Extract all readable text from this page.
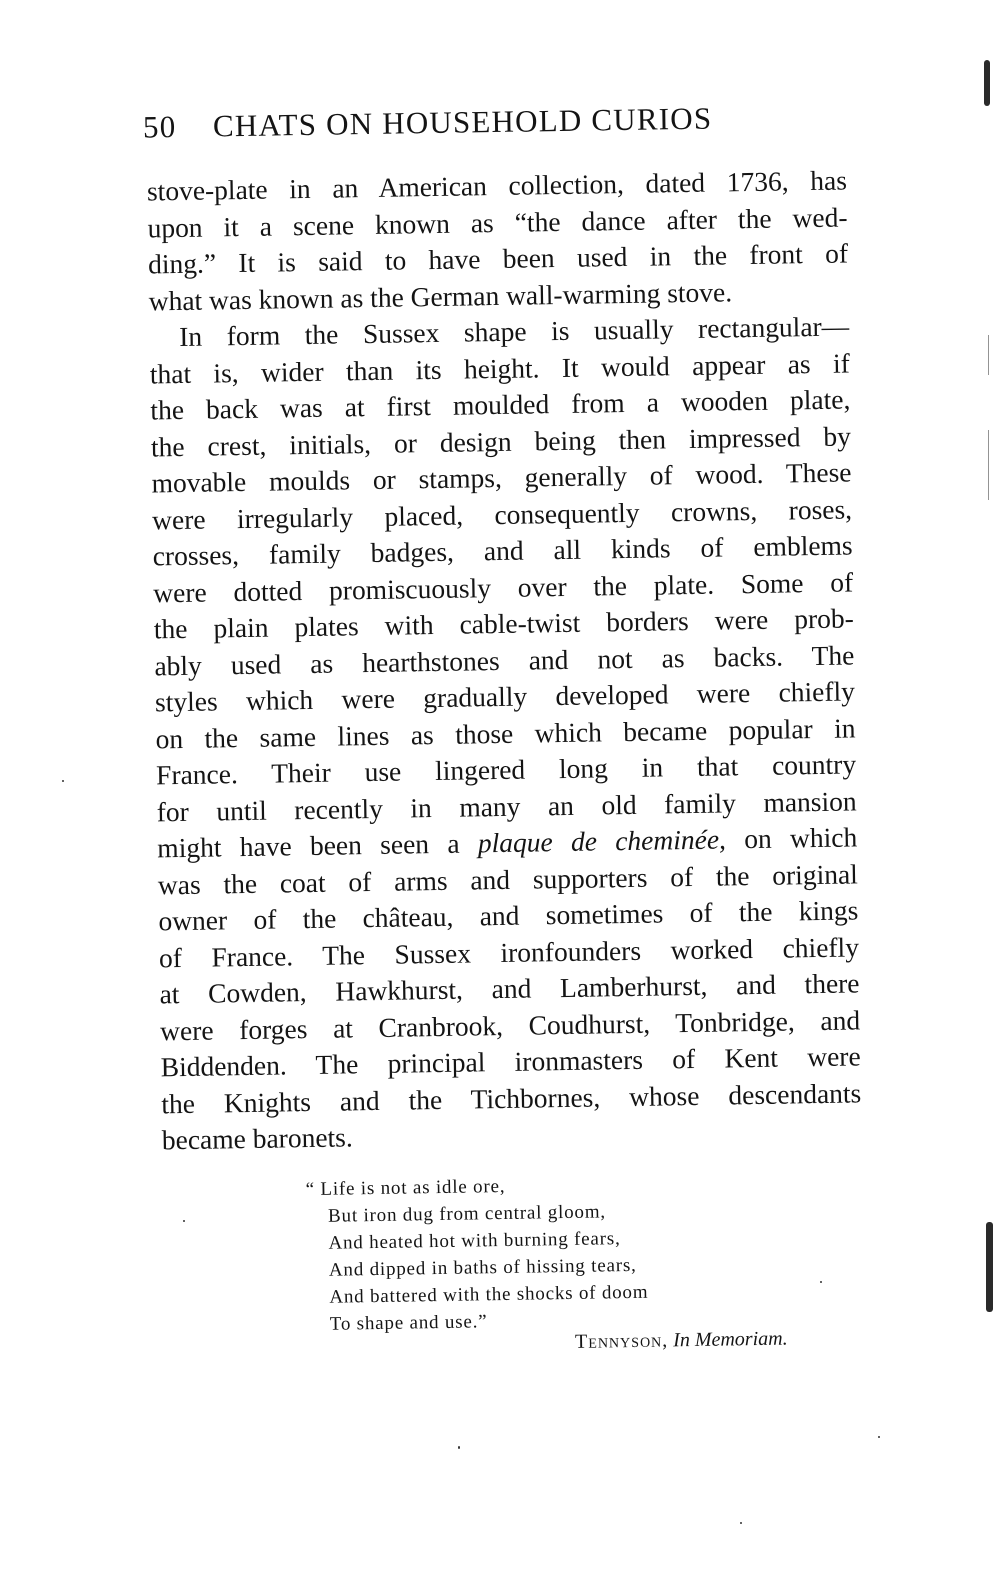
50 CHATS ON HOUSEHOLD CURIOS
stove-plate in an American collection, dated 1736, has
upon it a scene known as “the dance after the wed-
ding.” It is said to have been used in the front of
what was known as the German wall-warming stove.
In form the Sussex shape is usually rectangular—
that is, wider than its height. It would appear as if
the back was at first moulded from a wooden plate,
the crest, initials, or design being then impressed by
movable moulds or stamps, generally of wood. These
were irregularly placed, consequently crowns, roses,
crosses, family badges, and all kinds of emblems
were dotted promiscuously over the plate. Some of
the plain plates with cable-twist borders were prob-
ably used as hearthstones and not as backs. The
styles which were gradually developed were chiefly
on the same lines as those which became popular in
France. Their use lingered long in that country
for until recently in many an old family mansion
might have been seen a plaque de cheminée, on which
was the coat of arms and supporters of the original
owner of the château, and sometimes of the kings
of France. The Sussex ironfounders worked chiefly
at Cowden, Hawkhurst, and Lamberhurst, and there
were forges at Cranbrook, Coudhurst, Tonbridge, and
Biddenden. The principal ironmasters of Kent were
the Knights and the Tichbornes, whose descendants
became baronets.
“ Life is not as idle ore,
But iron dug from central gloom,
And heated hot with burning fears,
And dipped in baths of hissing tears,
And battered with the shocks of doom
To shape and use.”
Tennyson, In Memoriam.
